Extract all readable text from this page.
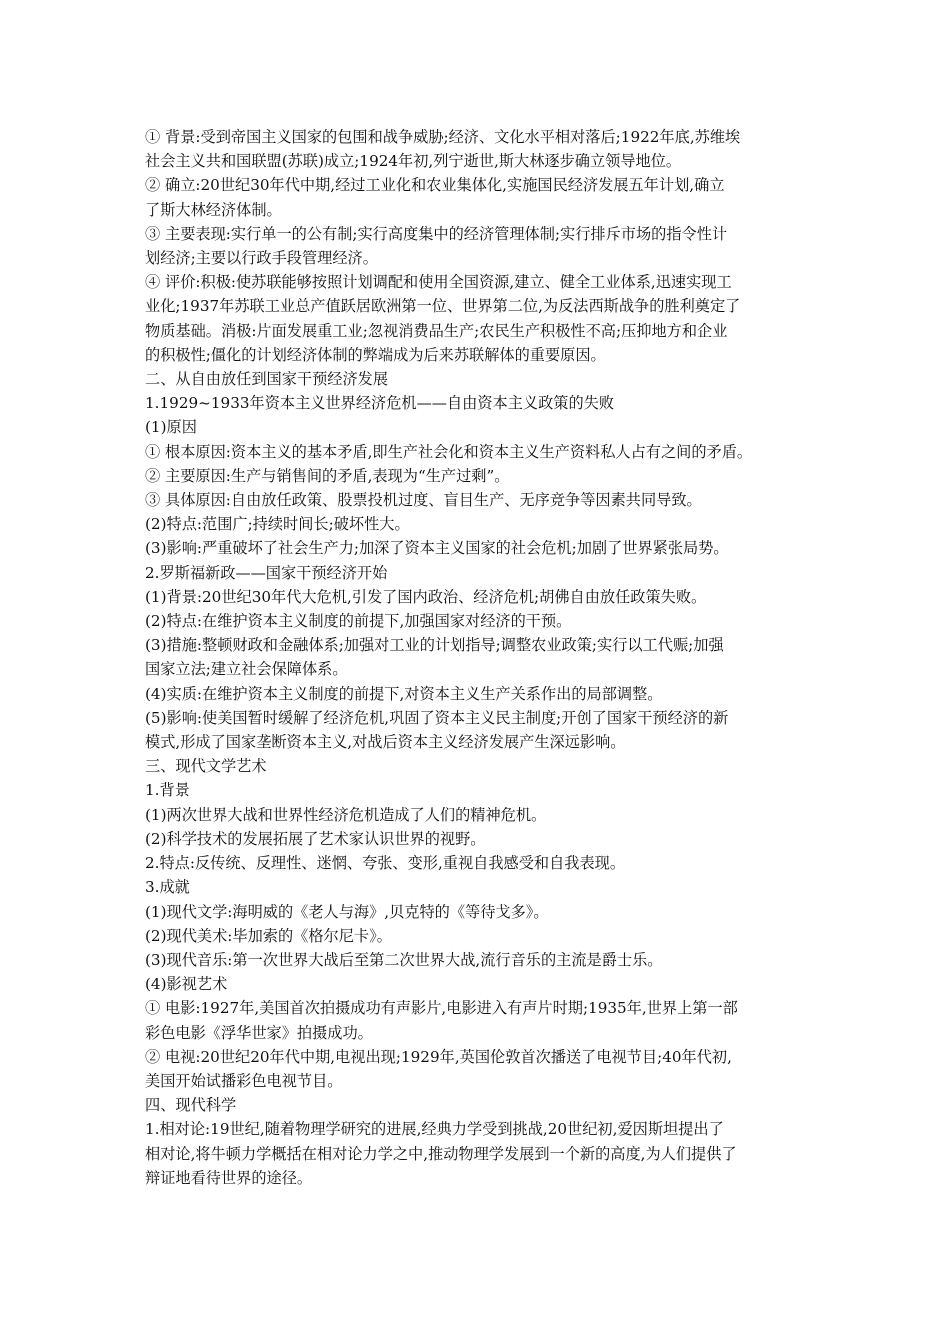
① 背景:受到帝国主义国家的包围和战争威胁;经济、文化水平相对落后;1922年底,苏维埃
社会主义共和国联盟(苏联)成立;1924年初,列宁逝世,斯大林逐步确立领导地位。
② 确立:20世纪30年代中期,经过工业化和农业集体化,实施国民经济发展五年计划,确立
了斯大林经济体制。
③ 主要表现:实行单一的公有制;实行高度集中的经济管理体制;实行排斥市场的指令性计
划经济;主要以行政手段管理经济。
④ 评价:积极:使苏联能够按照计划调配和使用全国资源,建立、健全工业体系,迅速实现工
业化;1937年苏联工业总产值跃居欧洲第一位、世界第二位,为反法西斯战争的胜利奠定了
物质基础。消极:片面发展重工业;忽视消费品生产;农民生产积极性不高;压抑地方和企业
的积极性;僵化的计划经济体制的弊端成为后来苏联解体的重要原因。
二、从自由放任到国家干预经济发展
1.1929~1933年资本主义世界经济危机——自由资本主义政策的失败
(1)原因
① 根本原因:资本主义的基本矛盾,即生产社会化和资本主义生产资料私人占有之间的矛盾。
② 主要原因:生产与销售间的矛盾,表现为“生产过剩”。
③ 具体原因:自由放任政策、股票投机过度、盲目生产、无序竞争等因素共同导致。
(2)特点:范围广;持续时间长;破坏性大。
(3)影响:严重破坏了社会生产力;加深了资本主义国家的社会危机;加剧了世界紧张局势。
2.罗斯福新政——国家干预经济开始
(1)背景:20世纪30年代大危机,引发了国内政治、经济危机;胡佛自由放任政策失败。
(2)特点:在维护资本主义制度的前提下,加强国家对经济的干预。
(3)措施:整顿财政和金融体系;加强对工业的计划指导;调整农业政策;实行以工代赈;加强
国家立法;建立社会保障体系。
(4)实质:在维护资本主义制度的前提下,对资本主义生产关系作出的局部调整。
(5)影响:使美国暂时缓解了经济危机,巩固了资本主义民主制度;开创了国家干预经济的新
模式,形成了国家垄断资本主义,对战后资本主义经济发展产生深远影响。
三、现代文学艺术
1.背景
(1)两次世界大战和世界性经济危机造成了人们的精神危机。
(2)科学技术的发展拓展了艺术家认识世界的视野。
2.特点:反传统、反理性、迷惘、夸张、变形,重视自我感受和自我表现。
3.成就
(1)现代文学:海明威的《老人与海》,贝克特的《等待戈多》。
(2)现代美术:毕加索的《格尔尼卡》。
(3)现代音乐:第一次世界大战后至第二次世界大战,流行音乐的主流是爵士乐。
(4)影视艺术
① 电影:1927年,美国首次拍摄成功有声影片,电影进入有声片时期;1935年,世界上第一部
彩色电影《浮华世家》拍摄成功。
② 电视:20世纪20年代中期,电视出现;1929年,英国伦敦首次播送了电视节目;40年代初,
美国开始试播彩色电视节目。
四、现代科学
1.相对论:19世纪,随着物理学研究的进展,经典力学受到挑战,20世纪初,爱因斯坦提出了
相对论,将牛顿力学概括在相对论力学之中,推动物理学发展到一个新的高度,为人们提供了
辩证地看待世界的途径。
